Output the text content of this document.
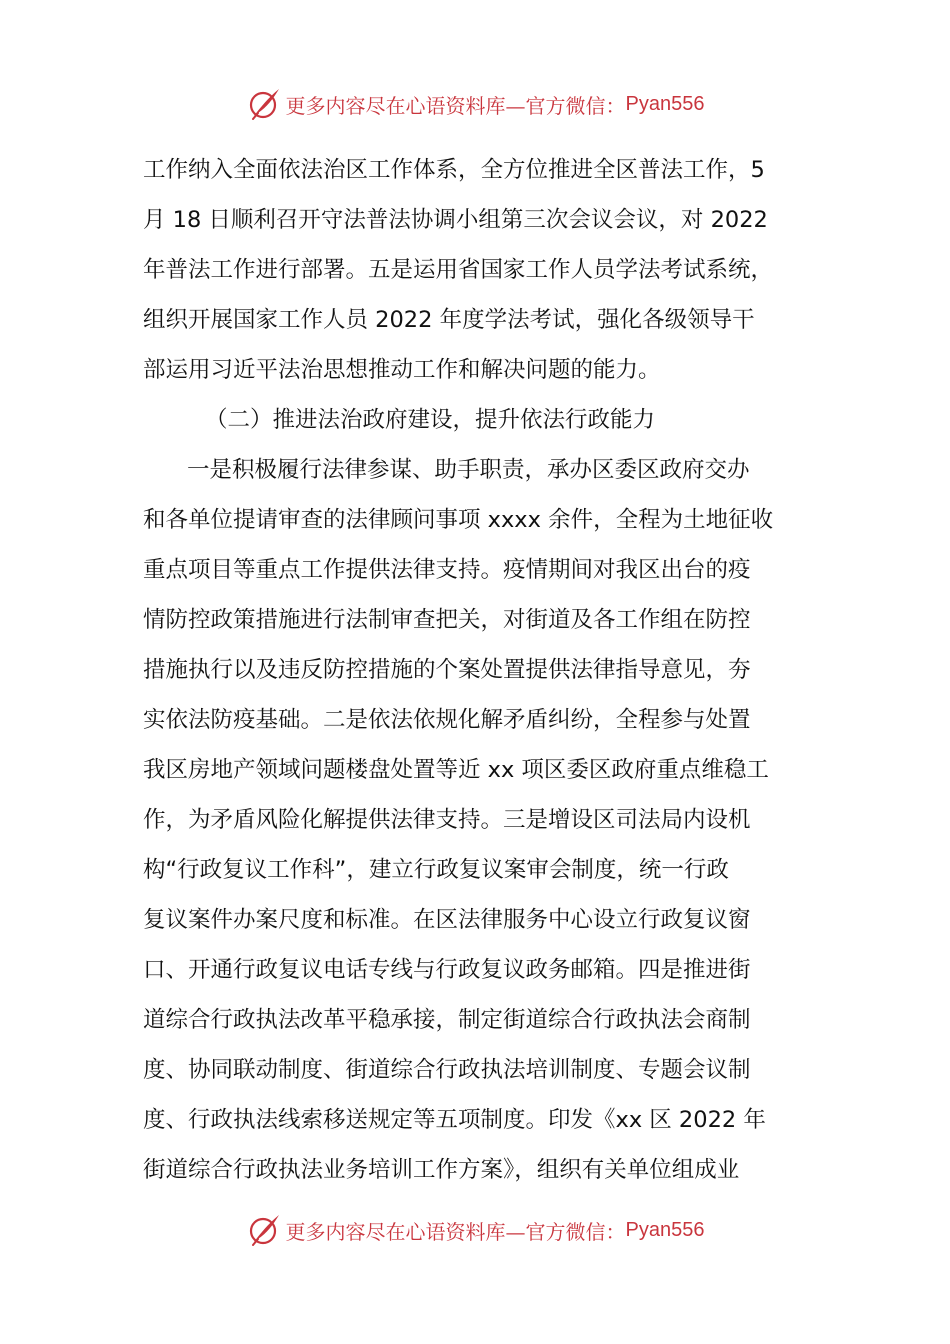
更多内容尽在心语资料库—官方微信： Pyan556
工作纳入全面依法治区工作体系，全方位推进全区普法工作，5
月 18 日顺利召开守法普法协调小组第三次会议会议，对 2022
年普法工作进行部署。五是运用省国家工作人员学法考试系统，
组织开展国家工作人员 2022 年度学法考试，强化各级领导干
部运用习近平法治思想推动工作和解决问题的能力。
（二）推进法治政府建设，提升依法行政能力
一是积极履行法律参谋、助手职责，承办区委区政府交办
和各单位提请审查的法律顾问事项 xxxx 余件，全程为土地征收
重点项目等重点工作提供法律支持。疫情期间对我区出台的疫
情防控政策措施进行法制审查把关，对街道及各工作组在防控
措施执行以及违反防控措施的个案处置提供法律指导意见，夯
实依法防疫基础。二是依法依规化解矛盾纠纷，全程参与处置
我区房地产领域问题楼盘处置等近 xx 项区委区政府重点维稳工
作，为矛盾风险化解提供法律支持。三是增设区司法局内设机
构“行政复议工作科”，建立行政复议案审会制度，统一行政
复议案件办案尺度和标准。在区法律服务中心设立行政复议窗
口、开通行政复议电话专线与行政复议政务邮箱。四是推进街
道综合行政执法改革平稳承接，制定街道综合行政执法会商制
度、协同联动制度、街道综合行政执法培训制度、专题会议制
度、行政执法线索移送规定等五项制度。印发《xx 区 2022 年
街道综合行政执法业务培训工作方案》，组织有关单位组成业
更多内容尽在心语资料库—官方微信： Pyan556
